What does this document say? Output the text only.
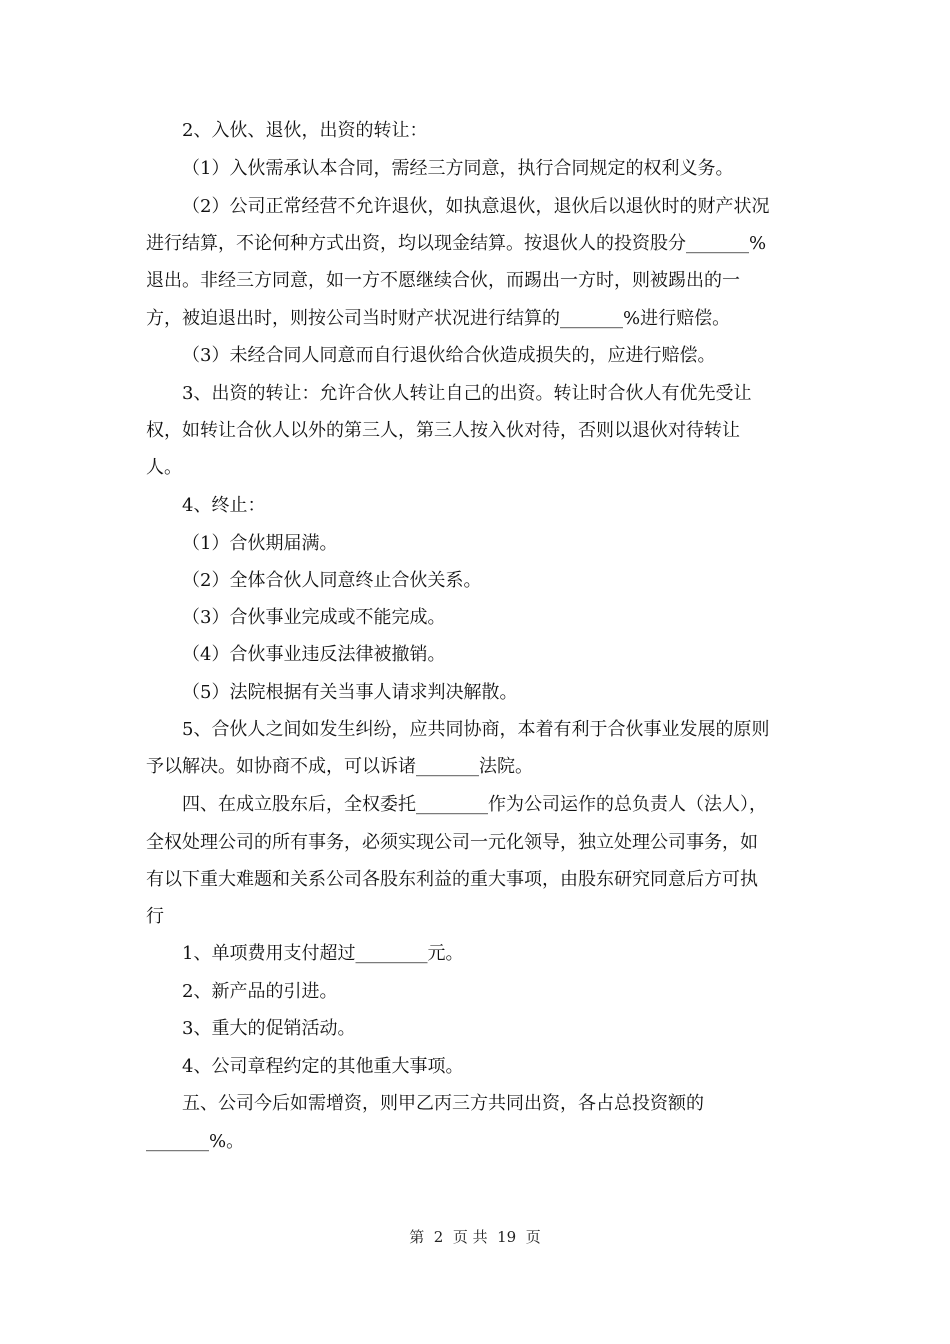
2、入伙、退伙，出资的转让：
（1）入伙需承认本合同，需经三方同意，执行合同规定的权利义务。
（2）公司正常经营不允许退伙，如执意退伙，退伙后以退伙时的财产状况
进行结算，不论何种方式出资，均以现金结算。按退伙人的投资股分_______%
退出。非经三方同意，如一方不愿继续合伙，而踢出一方时，则被踢出的一
方，被迫退出时，则按公司当时财产状况进行结算的_______%进行赔偿。
（3）未经合同人同意而自行退伙给合伙造成损失的，应进行赔偿。
3、出资的转让：允许合伙人转让自己的出资。转让时合伙人有优先受让
权，如转让合伙人以外的第三人，第三人按入伙对待，否则以退伙对待转让
人。
4、终止：
（1）合伙期届满。
（2）全体合伙人同意终止合伙关系。
（3）合伙事业完成或不能完成。
（4）合伙事业违反法律被撤销。
（5）法院根据有关当事人请求判决解散。
5、合伙人之间如发生纠纷，应共同协商，本着有利于合伙事业发展的原则
予以解决。如协商不成，可以诉诸_______法院。
四、在成立股东后，全权委托________作为公司运作的总负责人（法人），
全权处理公司的所有事务，必须实现公司一元化领导，独立处理公司事务，如
有以下重大难题和关系公司各股东利益的重大事项，由股东研究同意后方可执
行
1、单项费用支付超过________元。
2、新产品的引进。
3、重大的促销活动。
4、公司章程约定的其他重大事项。
五、公司今后如需增资，则甲乙丙三方共同出资，各占总投资额的
_______%。
第  2  页 共  19  页
